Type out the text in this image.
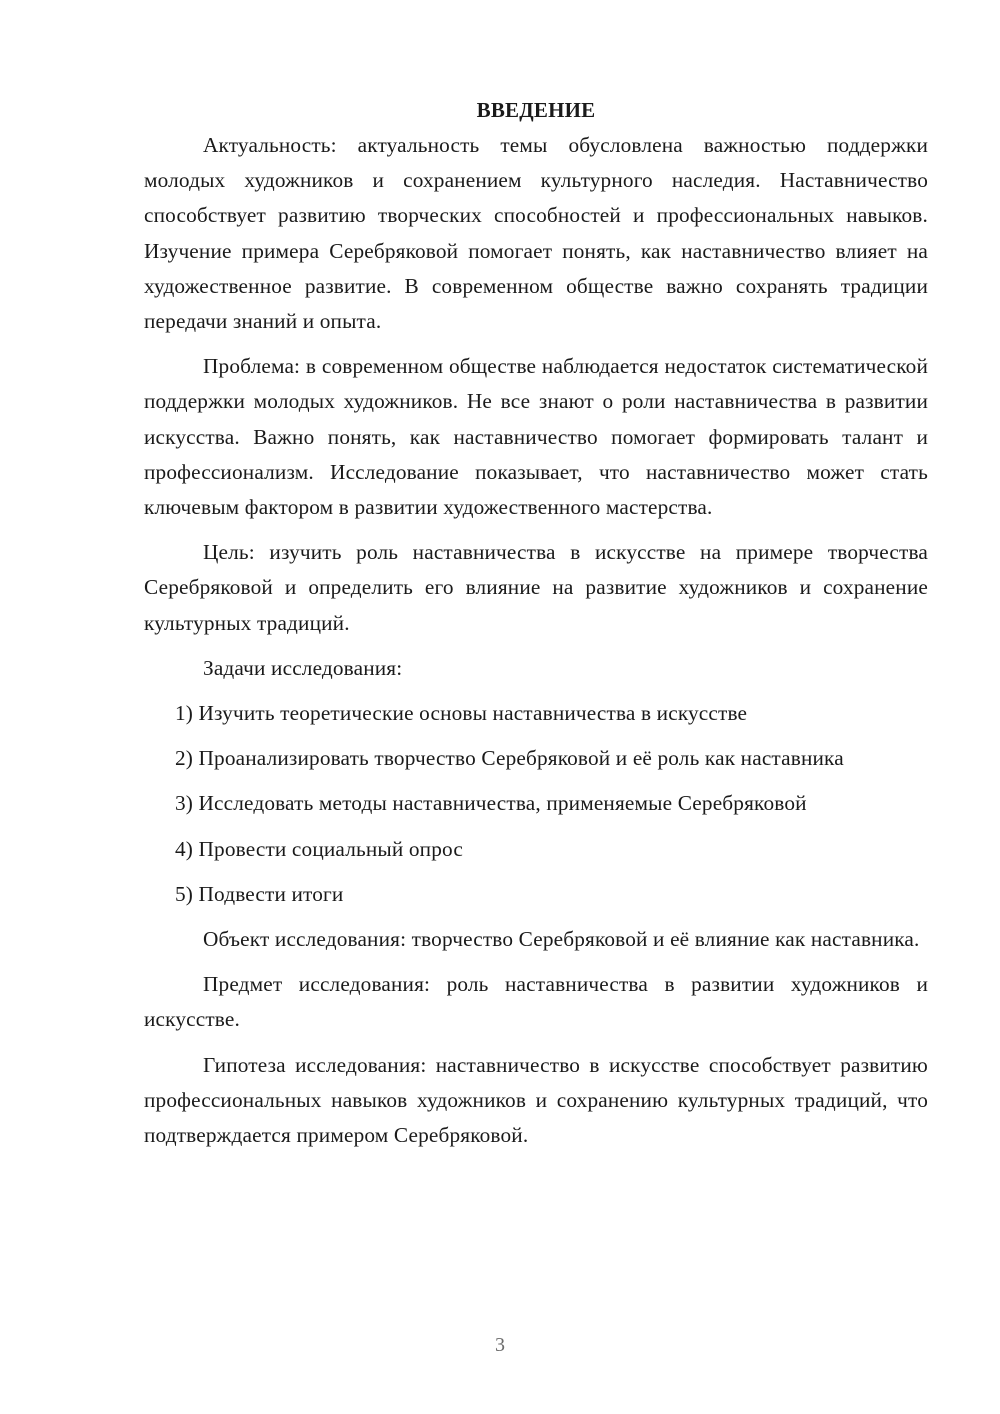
ВВЕДЕНИЕ

Актуальность: актуальность темы обусловлена важностью поддержки молодых художников и сохранением культурного наследия. Наставничество способствует развитию творческих способностей и профессиональных навыков. Изучение примера Серебряковой помогает понять, как наставничество влияет на художественное развитие. В современном обществе важно сохранять традиции передачи знаний и опыта.

Проблема: в современном обществе наблюдается недостаток систематической поддержки молодых художников. Не все знают о роли наставничества в развитии искусства. Важно понять, как наставничество помогает формировать талант и профессионализм. Исследование показывает, что наставничество может стать ключевым фактором в развитии художественного мастерства.

Цель: изучить роль наставничества в искусстве на примере творчества Серебряковой и определить его влияние на развитие художников и сохранение культурных традиций.

Задачи исследования:

1) Изучить теоретические основы наставничества в искусстве

2) Проанализировать творчество Серебряковой и её роль как наставника

3) Исследовать методы наставничества, применяемые Серебряковой

4) Провести социальный опрос

5) Подвести итоги

Объект исследования: творчество Серебряковой и её влияние как наставника.

Предмет исследования: роль наставничества в развитии художников и искусстве.

Гипотеза исследования: наставничество в искусстве способствует развитию профессиональных навыков художников и сохранению культурных традиций, что подтверждается примером Серебряковой.

3
